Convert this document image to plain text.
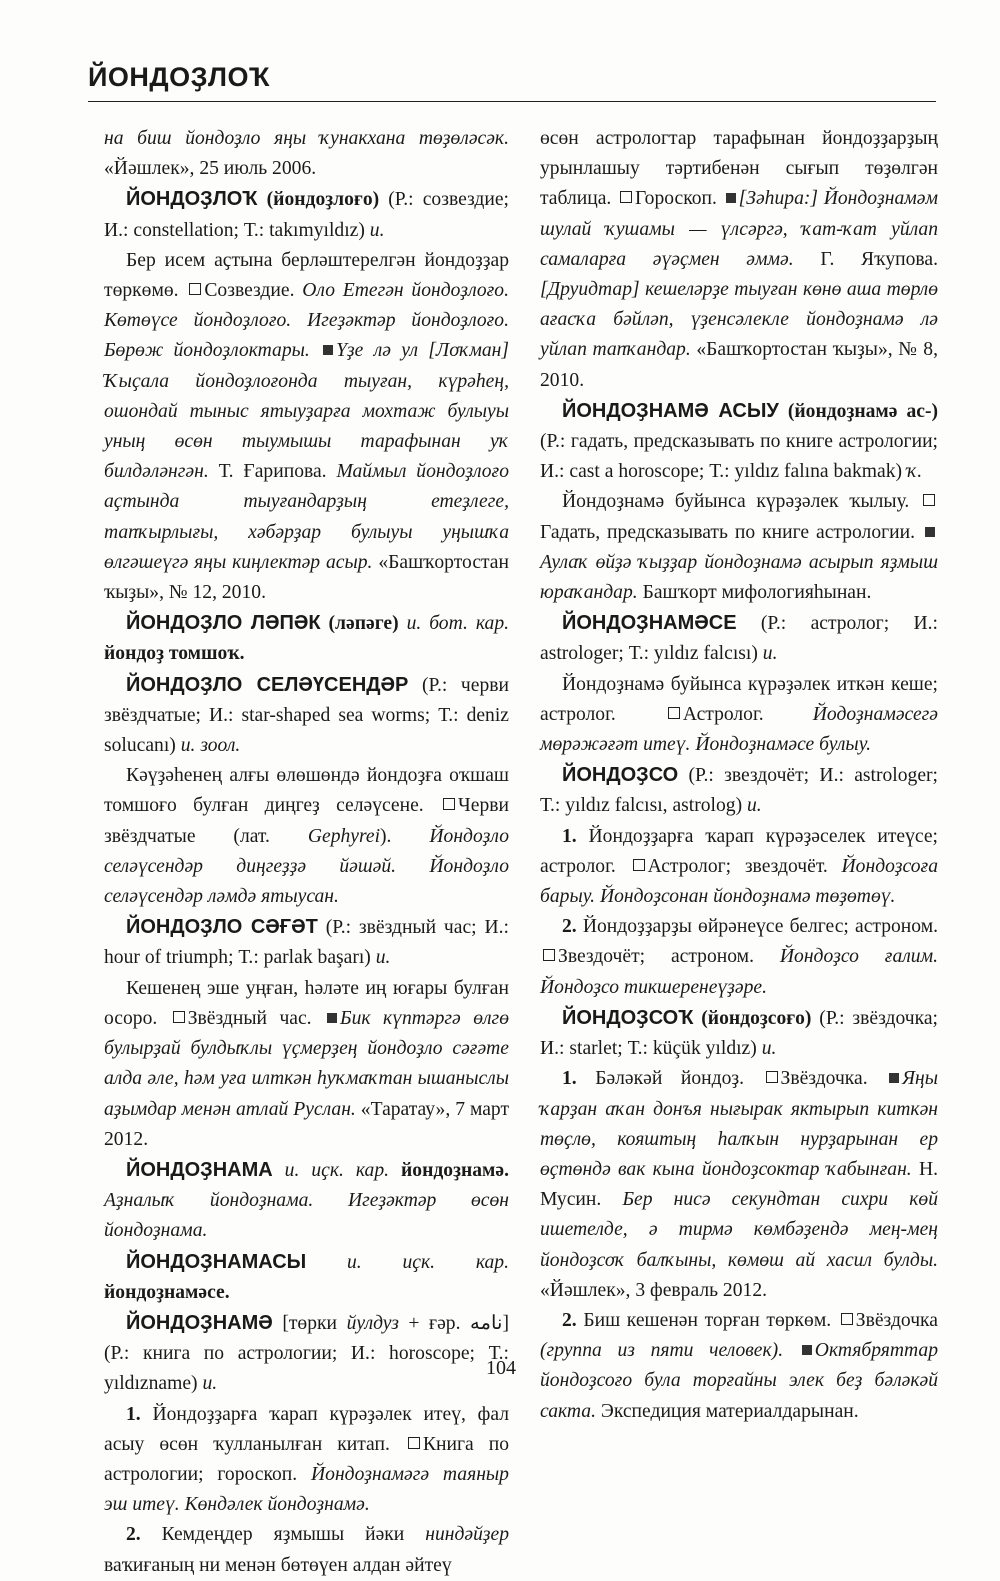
ЙОНДОҘЛОҠ

на биш йондоҙло яңы ҡунакхана төҙөләсәк. «Йәшлек», 25 июль 2006.

ЙОНДОҘЛОҠ (йондоҙлоғо) (Р.: созвездие; И.: constellation; Т.: takımyıldız) и.

Бер исем аҫтына берләштерелгән йондоҙҙар төркөмө. Созвездие. Оло Етегән йондоҙлоғо. Көтөүсе йондоҙлоғо. Игеҙәктәр йондоҙлоғо. Бөрөж йондоҙлоктары. Үҙе лә ул [Лоҡман] Ҡыҫала йондоҙлоғонда тыуған, күрәһең, ошондай тыныс ятыуҙарға мохтаж булыуы уның өсөн тыумышы тарафынан уҡ билдәләнгән. Т. Ғарипова. Маймыл йондоҙлоғо аҫтында тыуғандарҙың етеҙлеге, тапҡырлығы, хәбәрҙар булыуы уңышҡа өлгәшеүгә яңы киңлектәр асыр. «Башҡортостан ҡыҙы», № 12, 2010.

ЙОНДОҘЛО ЛӘПӘК (ләпәге) и. бот. кар. йондоҙ томшоҡ.

ЙОНДОҘЛО СЕЛӘҮСЕНДӘР (Р.: черви звёздчатые; И.: star-shaped sea worms; Т.: deniz solucanı) и. зоол.

Кәүҙәһенең алғы өлөшөндә йондоҙға оҡшаш томшоғо булған диңгеҙ селәүсене. Черви звёздчатые (лат. Gephyrei). Йондоҙло селәүсендәр диңгеҙҙә йәшәй. Йондоҙло селәүсендәр ләмдә ятыусан.

ЙОНДОҘЛО СӘҒӘТ (Р.: звёздный час; И.: hour of triumph; Т.: parlak başarı) и.

Кешенең эше уңған, һәләте иң юғары булған осоро. Звёздный час. Бик күптәргә өлгө булырҙай булдыҡлы үҫмерҙең йондоҙло сәғәте алда әле, һәм уға илткән һуҡмаҡтан ышаныслы аҙымдар менән атлай Руслан. «Таратау», 7 март 2012.

ЙОНДОҘНАМА и. иҫк. кар. йондоҙнамә. Аҙналыҡ йондоҙнама. Игеҙәктәр өсөн йондоҙнама.

ЙОНДОҘНАМАСЫ и. иҫк. кар. йондоҙнамәсе.

ЙОНДОҘНАМӘ [төрки йулдуз + ғәр. نامه] (Р.: книга по астрологии; И.: horoscope; Т.: yıldızname) и.

1. Йондоҙҙарға ҡарап күрәҙәлек итеү, фал асыу өсөн ҡулланылған китап. Книга по астрологии; гороскоп. Йондоҙнамәгә таяныр эш итеү. Көндәлек йондоҙнамә.

2. Кемдеңдер яҙмышы йәки ниндәйҙер ваҡиғаның ни менән бөтөүен алдан әйтеү

өсөн астрологтар тарафынан йондоҙҙарҙың урынлашыу тәртибенән сығып төҙөлгән таблица. Гороскоп. [Зәһира:] Йондоҙнамәм шулай ҡушамы — үлсәргә, ҡат-ҡат уйлап самаларға әүәҫмен әммә. Г. Яҡупова. [Друидтар] кешеләрҙе тыуған көнө аша төрлө ағасҡа бәйләп, үҙенсәлекле йондоҙнамә лә уйлап тапҡандар. «Башҡортостан ҡыҙы», № 8, 2010.

ЙОНДОҘНАМӘ АСЫУ (йондоҙнамә ас-) (Р.: гадать, предсказывать по книге астрологии; И.: cast a horoscope; Т.: yıldız falına bakmak) ҡ.

Йондоҙнамә буйынса күрәҙәлек ҡылыу. Гадать, предсказывать по книге астрологии. Аулаҡ өйҙә ҡыҙҙар йондоҙнамә асырып яҙмыш юраҡандар. Башҡорт мифологияһынан.

ЙОНДОҘНАМӘСЕ (Р.: астролог; И.: astrologer; Т.: yıldız falcısı) и.

Йондоҙнамә буйынса күрәҙәлек иткән кеше; астролог.	Астролог. Йодоҙнамәсегә мөрәжәғәт итеү. Йондоҙнамәсе булыу.

ЙОНДОҘСО (Р.: звездочёт; И.: astrologer; Т.: yıldız falcısı, astrolog) и.

1. Йондоҙҙарға ҡарап күрәҙәселек итеүсе; астролог. Астролог; звездочёт. Йондоҙсоға барыу. Йондоҙсонан йондоҙнамә төҙөтөү.

2. Йондоҙҙарҙы өйрәнеүсе белгес; астроном. Звездочёт; астроном. Йондоҙсо ғалим. Йондоҙсо тикшеренеүҙәре.

ЙОНДОҘСОҠ (йондоҙсоғо) (Р.: звёздочка; И.: starlet; Т.: küçük yıldız) и.

1. Бәләкәй йондоҙ. Звёздочка. Яңы ҡарҙан аҡан донъя нығырак яктырып киткән төҫлө, кояштың һалҡын нурҙарынан ер өҫтөндә вак кына йондоҙсоктар ҡабынған. Н. Мусин. Бер нисә секундтан сихри көй ишетелде, ә тирмә көмбәҙендә мең-мең йондоҙсоҡ балҡыны, көмөш ай хасил булды. «Йәшлек», 3 февраль 2012.

2. Биш кешенән торған төркөм. Звёздочка (группа из пяти человек). Октябряттар йондоҙсоғо була торғайны элек беҙ бәләкәй сакта. Экспедиция материалдарынан.

104
